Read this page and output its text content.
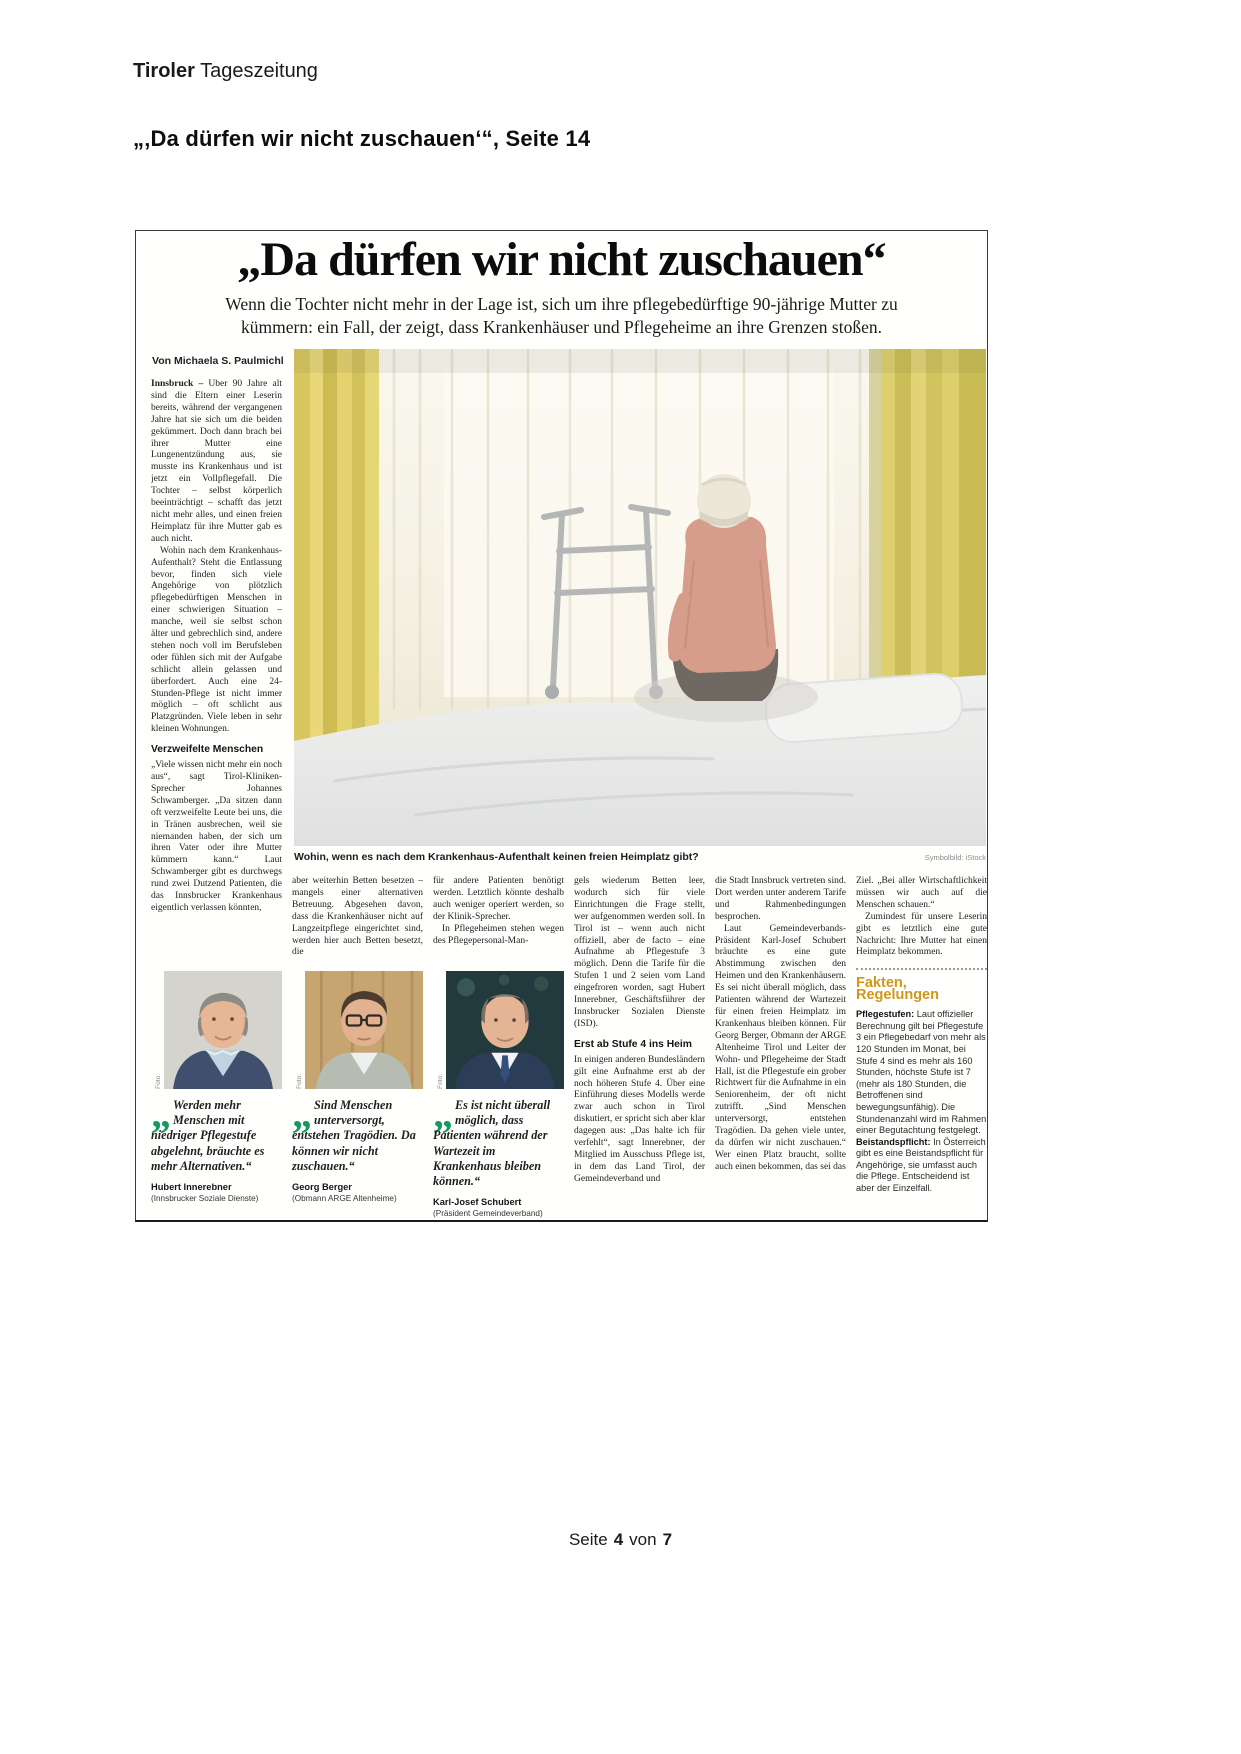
Tiroler Tageszeitung
„‚Da dürfen wir nicht zuschauen‘“, Seite 14
„Da dürfen wir nicht zuschauen“

Wenn die Tochter nicht mehr in der Lage ist, sich um ihre pflegebedürftige 90-jährige Mutter zu kümmern: ein Fall, der zeigt, dass Krankenhäuser und Pflegeheime an ihre Grenzen stoßen.

Von Michaela S. Paulmichl
Wohin, wenn es nach dem Krankenhaus-Aufenthalt keinen freien Heimplatz gibt?	Symbolbild: iStock

Innsbruck – Über 90 Jahre alt sind die Eltern einer Leserin bereits, während der vergangenen Jahre hat sie sich um die beiden gekümmert. Doch dann brach bei ihrer Mutter eine Lungenentzündung aus, sie musste ins Krankenhaus und ist jetzt ein Vollpflegefall. Die Tochter – selbst körperlich beeinträchtigt – schafft das jetzt nicht mehr alles, und einen freien Heimplatz für ihre Mutter gab es auch nicht.

Wohin nach dem Krankenhaus-Aufenthalt? Steht die Entlassung bevor, finden sich viele Angehörige von plötzlich pflegebedürftigen Menschen in einer schwierigen Situation – manche, weil sie selbst schon älter und gebrechlich sind, andere stehen noch voll im Berufsleben oder fühlen sich mit der Aufgabe schlicht allein gelassen und überfordert. Auch eine 24-Stunden-Pflege ist nicht immer möglich – oft schlicht aus Platzgründen. Viele leben in sehr kleinen Wohnungen.

Verzweifelte Menschen

„Viele wissen nicht mehr ein noch aus“, sagt Tirol-Kliniken-Sprecher Johannes Schwamberger. „Da sitzen dann oft verzweifelte Leute bei uns, die in Tränen ausbrechen, weil sie niemanden haben, der sich um ihren Vater oder ihre Mutter kümmern kann.“ Laut Schwamberger gibt es durchwegs rund zwei Dutzend Patienten, die das Innsbrucker Krankenhaus eigentlich verlassen könnten,

aber weiterhin Betten besetzen – mangels einer alternativen Betreuung. Abgesehen davon, dass die Krankenhäuser nicht auf Langzeitpflege eingerichtet sind, werden hier auch Betten besetzt, die

für andere Patienten benötigt werden. Letztlich könnte deshalb auch weniger operiert werden, so der Klinik-Sprecher.

In Pflegeheimen stehen wegen des Pflegepersonal-Man-

gels wiederum Betten leer, wodurch sich für viele Einrichtungen die Frage stellt, wer aufgenommen werden soll. In Tirol ist – wenn auch nicht offiziell, aber de facto – eine Aufnahme ab Pflegestufe 3 möglich. Denn die Tarife für die Stufen 1 und 2 seien vom Land eingefroren worden, sagt Hubert Innerebner, Geschäftsführer der Innsbrucker Sozialen Dienste (ISD).

Erst ab Stufe 4 ins Heim

In einigen anderen Bundesländern gilt eine Aufnahme erst ab der noch höheren Stufe 4. Über eine Einführung dieses Modells werde zwar auch schon in Tirol diskutiert, er spricht sich aber klar dagegen aus: „Das halte ich für verfehlt“, sagt Innerebner, der Mitglied im Ausschuss Pflege ist, in dem das Land Tirol, der Gemeindeverband und

die Stadt Innsbruck vertreten sind. Dort werden unter anderem Tarife und Rahmenbedingungen besprochen.

Laut Gemeindeverbands-Präsident Karl-Josef Schubert bräuchte es eine gute Abstimmung zwischen den Heimen und den Krankenhäusern. Es sei nicht überall möglich, dass Patienten während der Wartezeit für einen freien Heimplatz im Krankenhaus bleiben können. Für Georg Berger, Obmann der ARGE Altenheime Tirol und Leiter der Wohn- und Pflegeheime der Stadt Hall, ist die Pflegestufe ein grober Richtwert für die Aufnahme in ein Seniorenheim, der oft nicht zutrifft. „Sind Menschen unterversorgt, entstehen Tragödien. Da gehen viele unter, da dürfen wir nicht zuschauen.“ Wer einen Platz braucht, sollte auch einen bekommen, das sei das

Ziel. „Bei aller Wirtschaftlichkeit müssen wir auch auf die Menschen schauen.“

Zumindest für unsere Leserin gibt es letztlich eine gute Nachricht: Ihre Mutter hat einen Heimplatz bekommen.

Fakten, Regelungen

Pflegestufen: Laut offizieller Berechnung gilt bei Pflegestufe 3 ein Pflegebedarf von mehr als 120 Stunden im Monat, bei Stufe 4 sind es mehr als 160 Stunden, höchste Stufe ist 7 (mehr als 180 Stunden, die Betroffenen sind bewegungsunfähig). Die Stundenanzahl wird im Rahmen einer Begutachtung festgelegt.

Beistandspflicht: In Österreich gibt es eine Beistandspflicht für Angehörige, sie umfasst auch die Pflege. Entscheidend ist aber der Einzelfall.

Foto:
„ Werden mehr Menschen mit niedriger Pflegestufe abgelehnt, bräuchte es mehr Alternativen.“
Hubert Innerebner
(Innsbrucker Soziale Dienste)
Foto:
„ Sind Menschen unterversorgt, entstehen Tragödien. Da können wir nicht zuschauen.“
Georg Berger
(Obmann ARGE Altenheime)
Foto:
„ Es ist nicht überall möglich, dass Patienten während der Wartezeit im Krankenhaus bleiben können.“
Karl-Josef Schubert
(Präsident Gemeindeverband)
Seite 4 von 7
